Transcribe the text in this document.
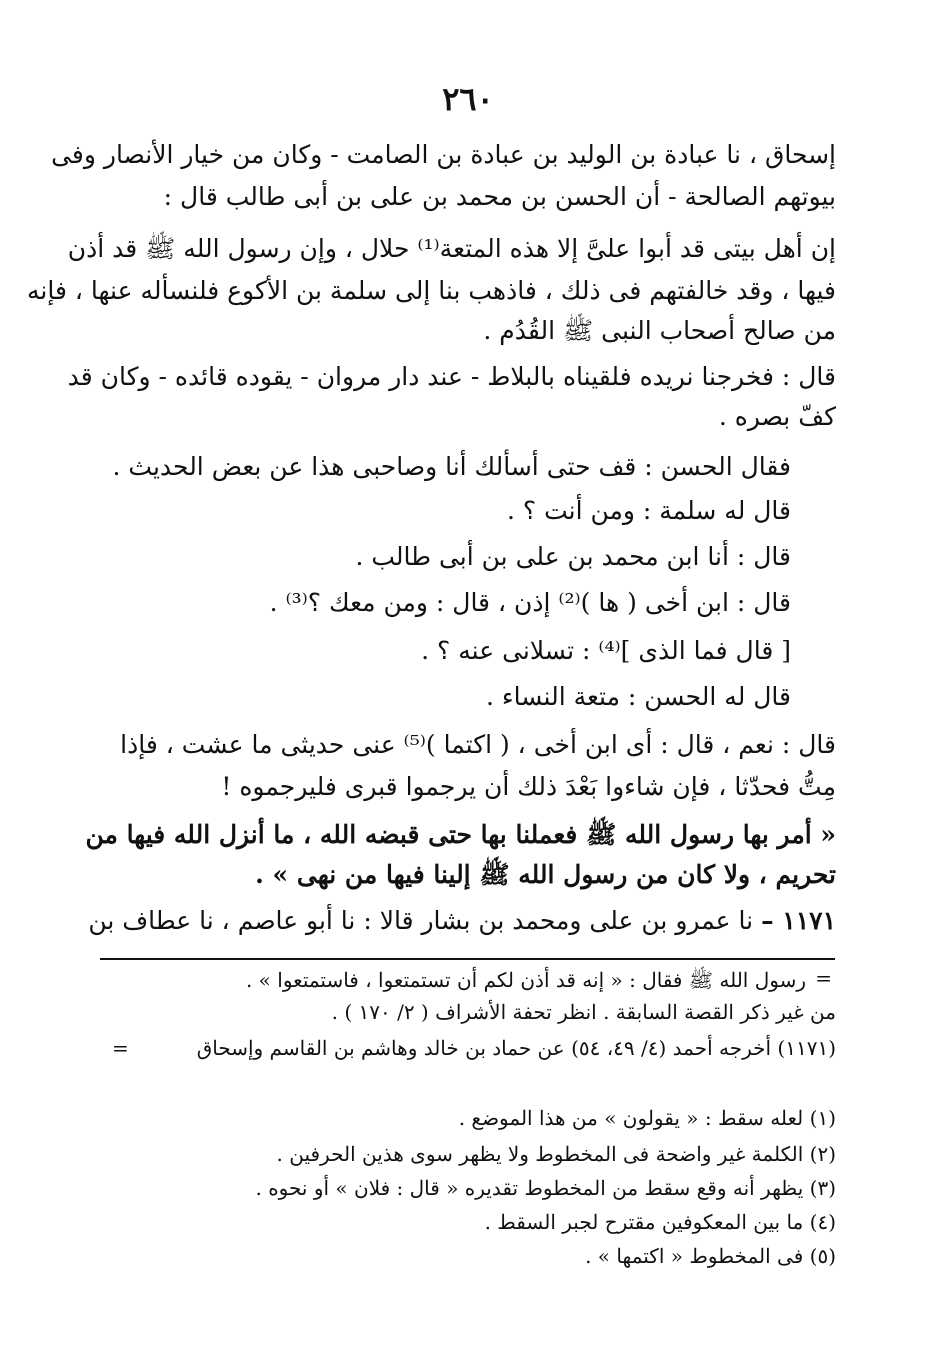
٢٦٠
إسحاق ، نا عبادة بن الوليد بن عبادة بن الصامت - وكان من خيار الأنصار وفى
بيوتهم الصالحة - أن الحسن بن محمد بن على بن أبى طالب قال :
إن أهل بيتى قد أبوا علىَّ إلا هذه المتعة⁽¹⁾ حلال ، وإن رسول الله ﷺ قد أذن
فيها ، وقد خالفتهم فى ذلك ، فاذهب بنا إلى سلمة بن الأكوع فلنسأله عنها ، فإنه
من صالح أصحاب النبى ﷺ القُدُم .
قال : فخرجنا نريده فلقيناه بالبلاط - عند دار مروان - يقوده قائده - وكان قد
كفّ بصره .
فقال الحسن : قف حتى أسألك أنا وصاحبى هذا عن بعض الحديث .
قال له سلمة : ومن أنت ؟ .
قال : أنا ابن محمد بن على بن أبى طالب .
قال : ابن أخى ( ها )⁽²⁾ إذن ، قال : ومن معك ؟⁽³⁾ .
[ قال فما الذى ]⁽⁴⁾ : تسلانى عنه ؟ .
قال له الحسن : متعة النساء .
قال : نعم ، قال : أى ابن أخى ، ( اكتما )⁽⁵⁾ عنى حديثى ما عشت ، فإذا
مِتُّ فحدّثا ، فإن شاءوا بَعْدَ ذلك أن يرجموا قبرى فليرجموه !
« أمر بها رسول الله ﷺ فعملنا بها حتى قبضه الله ، ما أنزل الله فيها من
تحريم ، ولا كان من رسول الله ﷺ إلينا فيها من نهى » .
١١٧١ – نا عمرو بن على ومحمد بن بشار قالا : نا أبو عاصم ، نا عطاف بن
=
رسول الله ﷺ فقال : « إنه قد أذن لكم أن تستمتعوا ، فاستمتعوا » .
من غير ذكر القصة السابقة . انظر تحفة الأشراف ( ٢/ ١٧٠ ) .
(١١٧١) أخرجه أحمد (٤/ ٤٩، ٥٤) عن حماد بن خالد وهاشم بن القاسم وإسحاق
=
(١) لعله سقط : « يقولون » من هذا الموضع .
(٢) الكلمة غير واضحة فى المخطوط ولا يظهر سوى هذين الحرفين .
(٣) يظهر أنه وقع سقط من المخطوط تقديره « قال : فلان » أو نحوه .
(٤) ما بين المعكوفين مقترح لجبر السقط .
(٥) فى المخطوط « اكتمها » .
